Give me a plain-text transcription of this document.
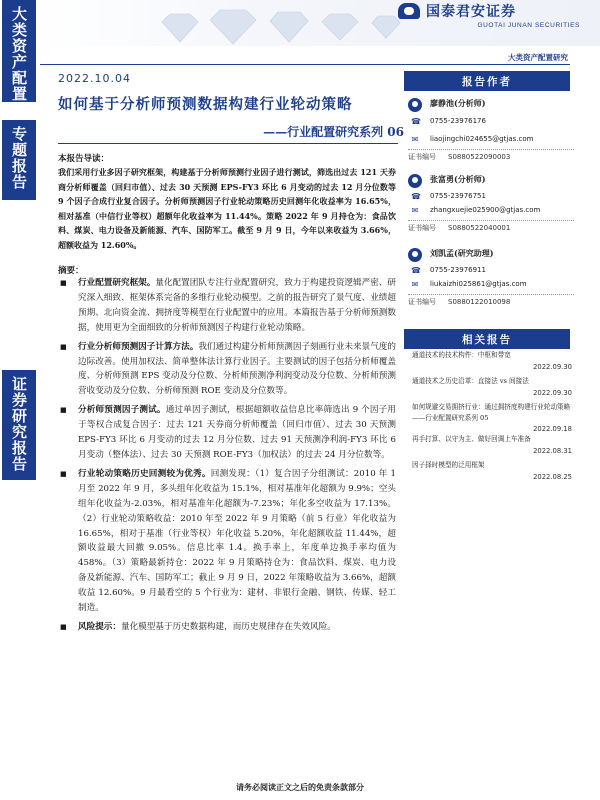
大类资产配置
专题报告
证券研究报告
国泰君安证券
GUOTAI JUNAN SECURITIES
大类资产配置研究
2022.10.04
如何基于分析师预测数据构建行业轮动策略
——行业配置研究系列 06
本报告导读：
我们采用行业多因子研究框架，构建基于分析师预测行业因子进行测试，筛选出过去 121 天券商分析师覆盖（回归市值）、过去 30 天预测 EPS-FY3 环比 6 月变动的过去 12 月分位数等 9 个因子合成行业复合因子。分析师预测因子行业轮动策略历史回测年化收益率为 16.65%，相对基准（中信行业等权）超额年化收益率为 11.44%。策略 2022 年 9 月持仓为：食品饮料、煤炭、电力设备及新能源、汽车、国防军工。截至 9 月 9 日，今年以来收益为 3.66%，超额收益为 12.60%。
摘要：
■ 行业配置研究框架。量化配置团队专注行业配置研究，致力于构建投资逻辑严密、研究深入细致、框架体系完备的多维行业轮动模型。之前的报告研究了景气度、业绩超预期、北向资金流、拥挤度等模型在行业配置中的应用。本篇报告基于分析师预测数据，使用更为全面细致的分析师预测因子构建行业轮动策略。
■ 行业分析师预测因子计算方法。我们通过构建分析师预测因子刻画行业未来景气度的边际改善。使用加权法、简单整体法计算行业因子。主要测试的因子包括分析师覆盖度、分析师预测 EPS 变动及分位数、分析师预测净利润变动及分位数、分析师预测营收变动及分位数、分析师预测 ROE 变动及分位数等。
■ 分析师预测因子测试。通过单因子测试，根据超额收益信息比率筛选出 9 个因子用于等权合成复合因子：过去 121 天券商分析师覆盖（回归市值）、过去 30 天预测 EPS-FY3 环比 6 月变动的过去 12 月分位数、过去 91 天预测净利润-FY3 环比 6 月变动（整体法）、过去 30 天预测 ROE-FY3（加权法）的过去 24 月分位数等。
■ 行业轮动策略历史回测较为优秀。回测发现：（1）复合因子分组测试：2010 年 1 月至 2022 年 9 月，多头组年化收益为 15.1%，相对基准年化超额为 9.9%；空头组年化收益为-2.03%，相对基准年化超额为-7.23%；年化多空收益为 17.13%。（2）行业轮动策略收益：2010 年至 2022 年 9 月策略（前 5 行业）年化收益为 16.65%，相对于基准（行业等权）年化收益 5.20%，年化超额收益 11.44%，超额收益最大回撤 9.05%。信息比率 1.4。换手率上，年度单边换手率均值为 458%。（3）策略最新持仓：2022 年 9 月策略持仓为：食品饮料、煤炭、电力设备及新能源、汽车、国防军工；截止 9 月 9 日，2022 年策略收益为 3.66%，超额收益 12.60%。9 月最看空的 5 个行业为：建材、非银行金融、钢铁、传媒、轻工制造。
■ 风险提示：量化模型基于历史数据构建，而历史规律存在失效风险。
报告作者
廖静池(分析师)
☎ 0755-23976176
✉ liaojingchi024655@gtjas.com
证书编号 S0880522090003
张富勇(分析师)
☎ 0755-23976751
✉ zhangxuejie025900@gtjas.com
证书编号 S0880522040001
刘凯孟(研究助理)
☎ 0755-23976911
✉ liukaizhi025861@gtjas.com
证书编号 S0880122010098
相关报告
通道技术的技术构件：中枢和带宽
2022.09.30
通道技术之历史沿革：直接法 vs 间接法
2022.09.30
如何规避交易拥挤行业：通过拥挤度构建行业轮动策略——行业配置研究系列 05
2022.09.18
再手打算、以守为主、做好回调上车准备
2022.08.31
因子择时模型的泛用框架
2022.08.25
请务必阅读正文之后的免责条款部分
